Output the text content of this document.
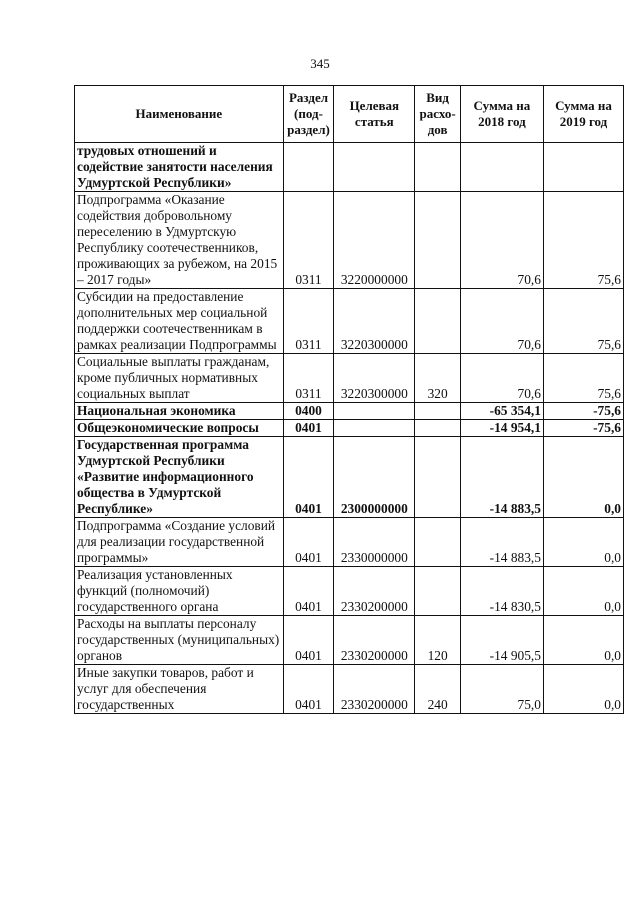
345
Наименование	Раздел (под-раздел)	Целевая статья	Вид расхо-дов	Сумма на 2018 год	Сумма на 2019 год
трудовых отношений и содействие занятости населения Удмуртской Республики»					
Подпрограмма «Оказание содействия добровольному переселению в Удмуртскую Республику соотечественников, проживающих за рубежом, на 2015 – 2017 годы»	0311	3220000000		70,6	75,6
Субсидии на предоставление дополнительных мер социальной поддержки соотечественникам в рамках реализации Подпрограммы	0311	3220300000		70,6	75,6
Социальные выплаты гражданам, кроме публичных нормативных социальных выплат	0311	3220300000	320	70,6	75,6
Национальная экономика	0400			-65 354,1	-75,6
Общеэкономические вопросы	0401			-14 954,1	-75,6
Государственная программа Удмуртской Республики «Развитие информационного общества в Удмуртской Республике»	0401	2300000000		-14 883,5	0,0
Подпрограмма «Создание условий для реализации государственной программы»	0401	2330000000		-14 883,5	0,0
Реализация установленных функций (полномочий) государственного органа	0401	2330200000		-14 830,5	0,0
Расходы на выплаты персоналу государственных (муниципальных) органов	0401	2330200000	120	-14 905,5	0,0
Иные закупки товаров, работ и услуг для обеспечения государственных	0401	2330200000	240	75,0	0,0
